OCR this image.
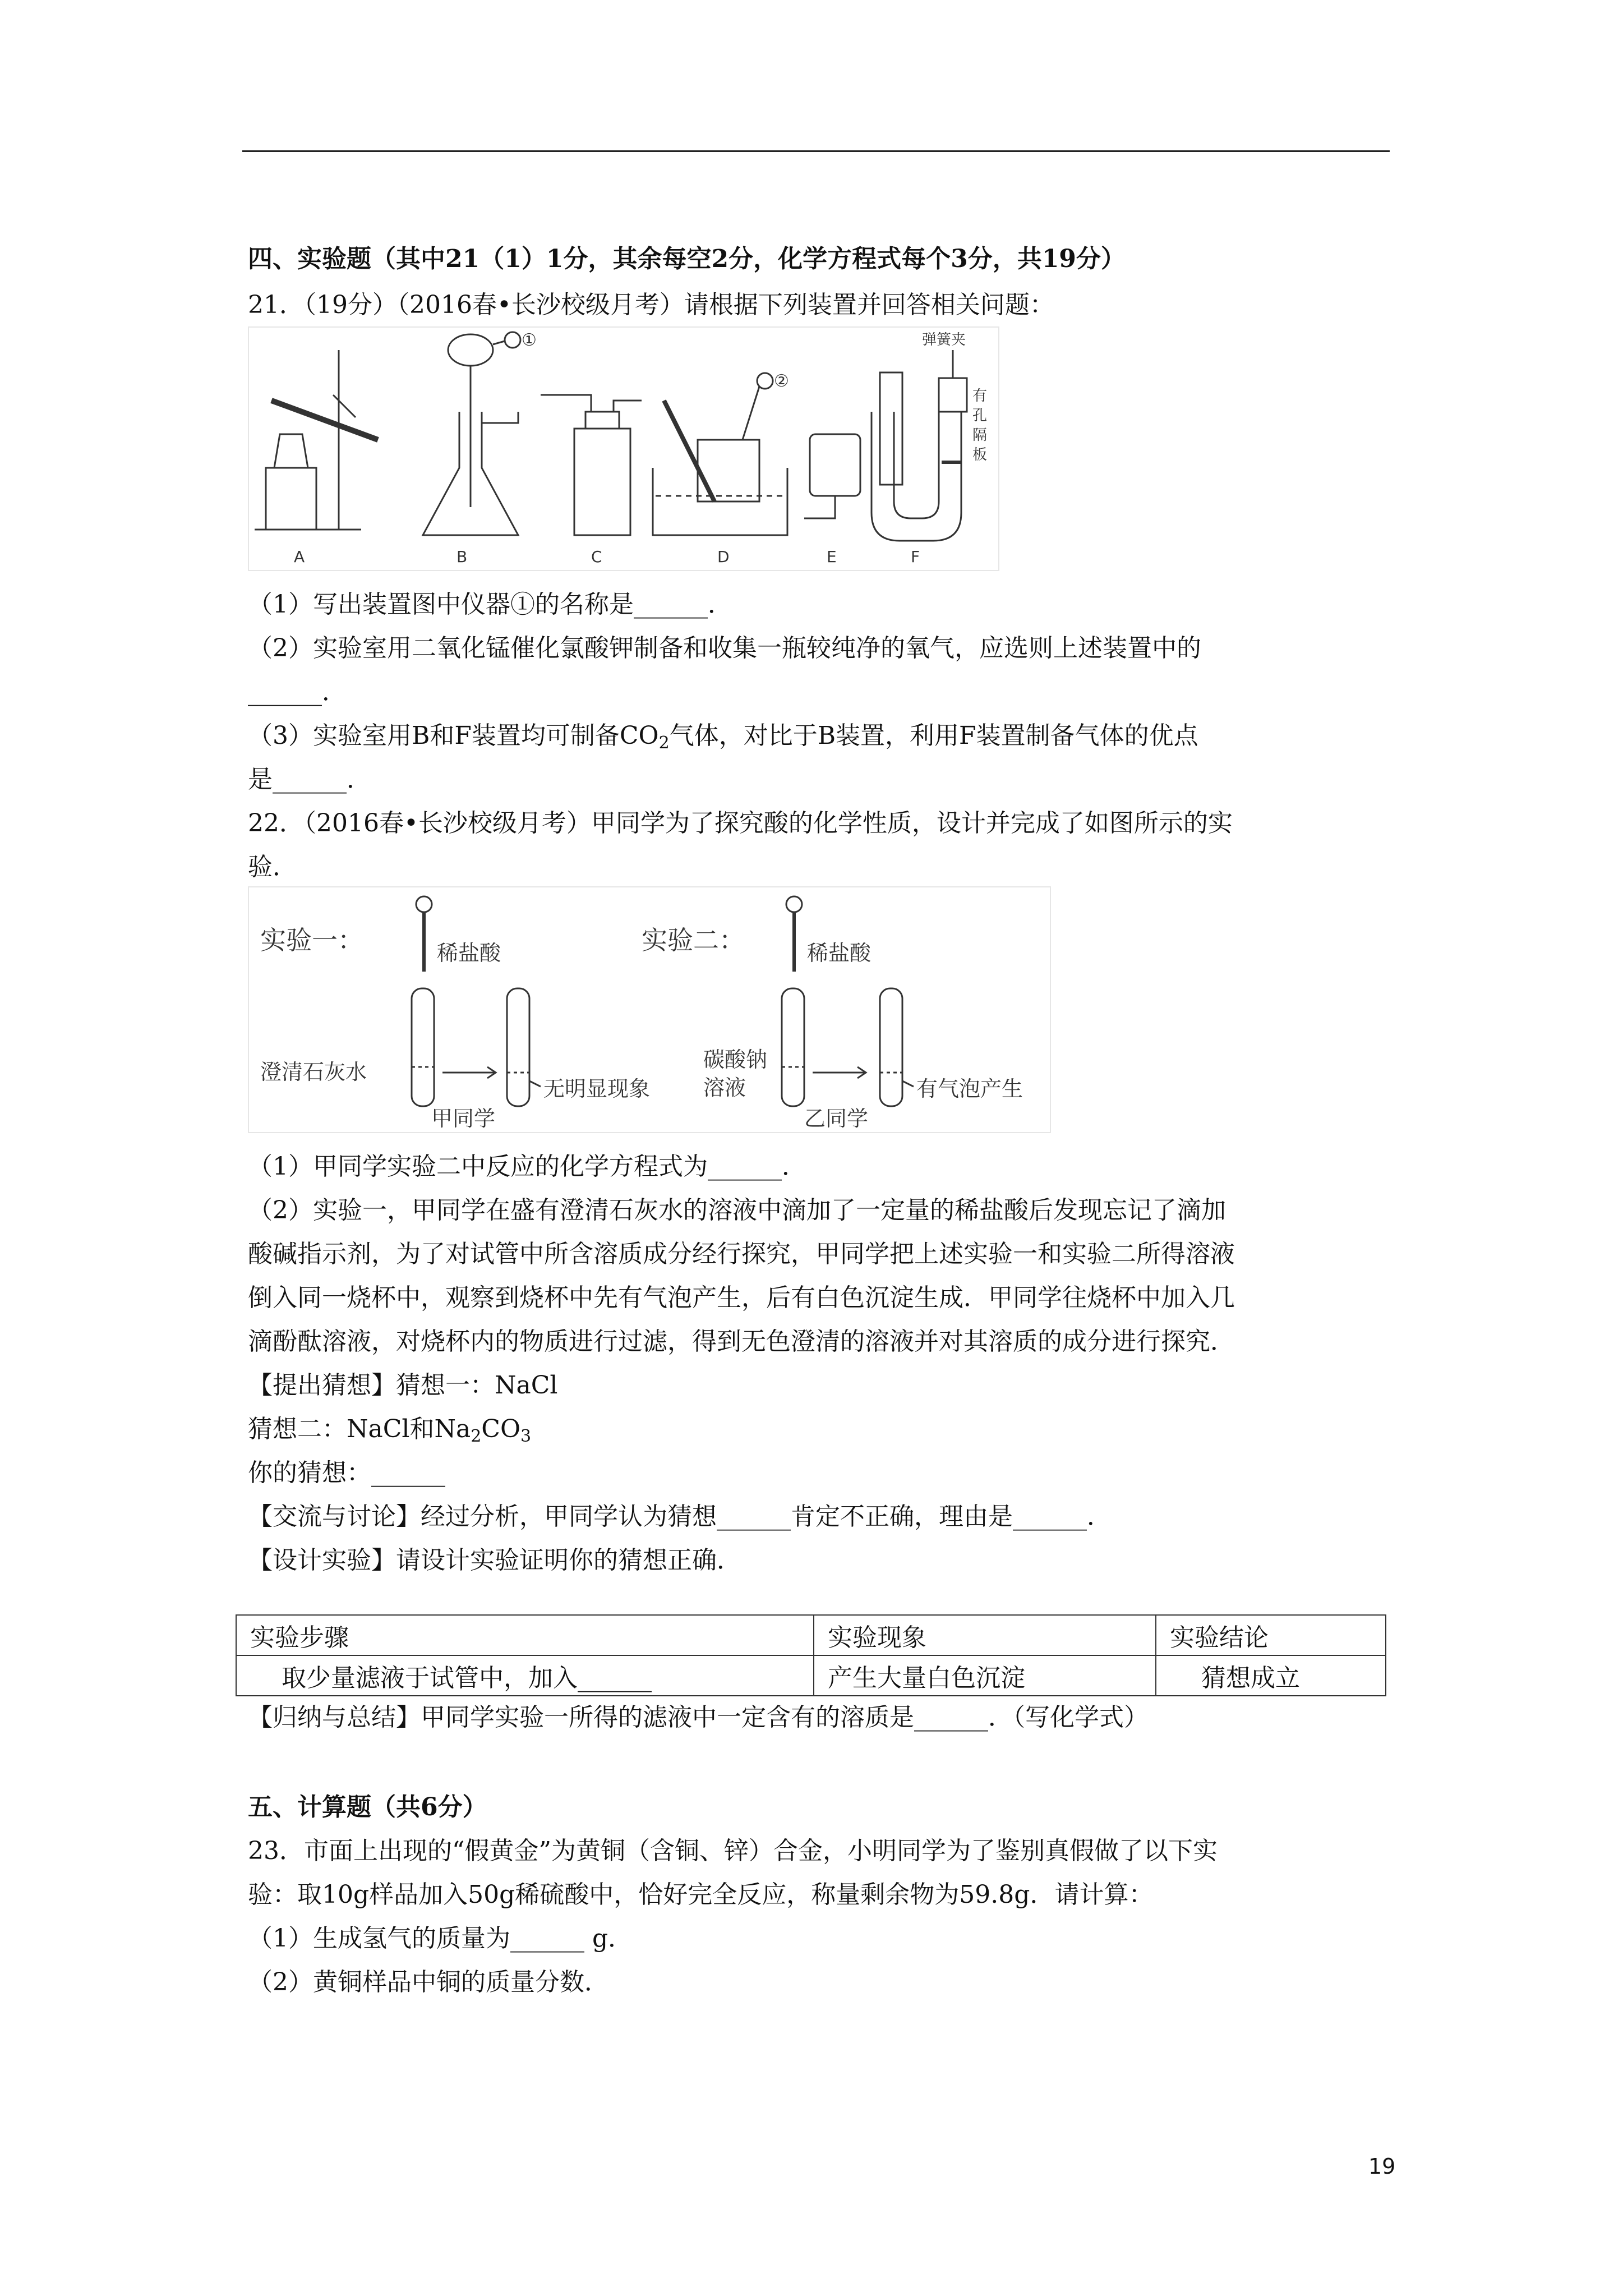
四、实验题（其中21（1）1分，其余每空2分，化学方程式每个3分，共19分）
21．（19分）（2016春•长沙校级月考）请根据下列装置并回答相关问题：
①
②
弹簧夹
有
孔
隔
板
A	B	C	D	E	F
（1）写出装置图中仪器①的名称是______．
（2）实验室用二氧化锰催化氯酸钾制备和收集一瓶较纯净的氧气，应选则上述装置中的
______．
（3）实验室用B和F装置均可制备$CO_2$气体，对比于B装置，利用F装置制备气体的优点
是______．
22．（2016春•长沙校级月考）甲同学为了探究酸的化学性质，设计并完成了如图所示的实
验．
实验一：	实验二：
稀盐酸	稀盐酸
澄清石灰水
无明显现象
甲同学
碳酸钠
溶液	有气泡产生
乙同学
（1）甲同学实验二中反应的化学方程式为______．
（2）实验一，甲同学在盛有澄清石灰水的溶液中滴加了一定量的稀盐酸后发现忘记了滴加
酸碱指示剂，为了对试管中所含溶质成分经行探究，甲同学把上述实验一和实验二所得溶液
倒入同一烧杯中，观察到烧杯中先有气泡产生，后有白色沉淀生成．甲同学往烧杯中加入几
滴酚酞溶液，对烧杯内的物质进行过滤，得到无色澄清的溶液并对其溶质的成分进行探究．
【提出猜想】猜想一：NaCl
猜想二：NaCl和$Na_2CO_3$
你的猜想：______
【交流与讨论】经过分析，甲同学认为猜想______肯定不正确，理由是______．
【设计实验】请设计实验证明你的猜想正确．
实验步骤	实验现象	实验结论
取少量滤液于试管中，加入______	产生大量白色沉淀	猜想成立
【归纳与总结】甲同学实验一所得的滤液中一定含有的溶质是______．（写化学式）
五、计算题（共6分）
23．市面上出现的“假黄金”为黄铜（含铜、锌）合金，小明同学为了鉴别真假做了以下实
验：取10g样品加入50g稀硫酸中，恰好完全反应，称量剩余物为59.8g．请计算：
（1）生成氢气的质量为______ g．
（2）黄铜样品中铜的质量分数．
19
